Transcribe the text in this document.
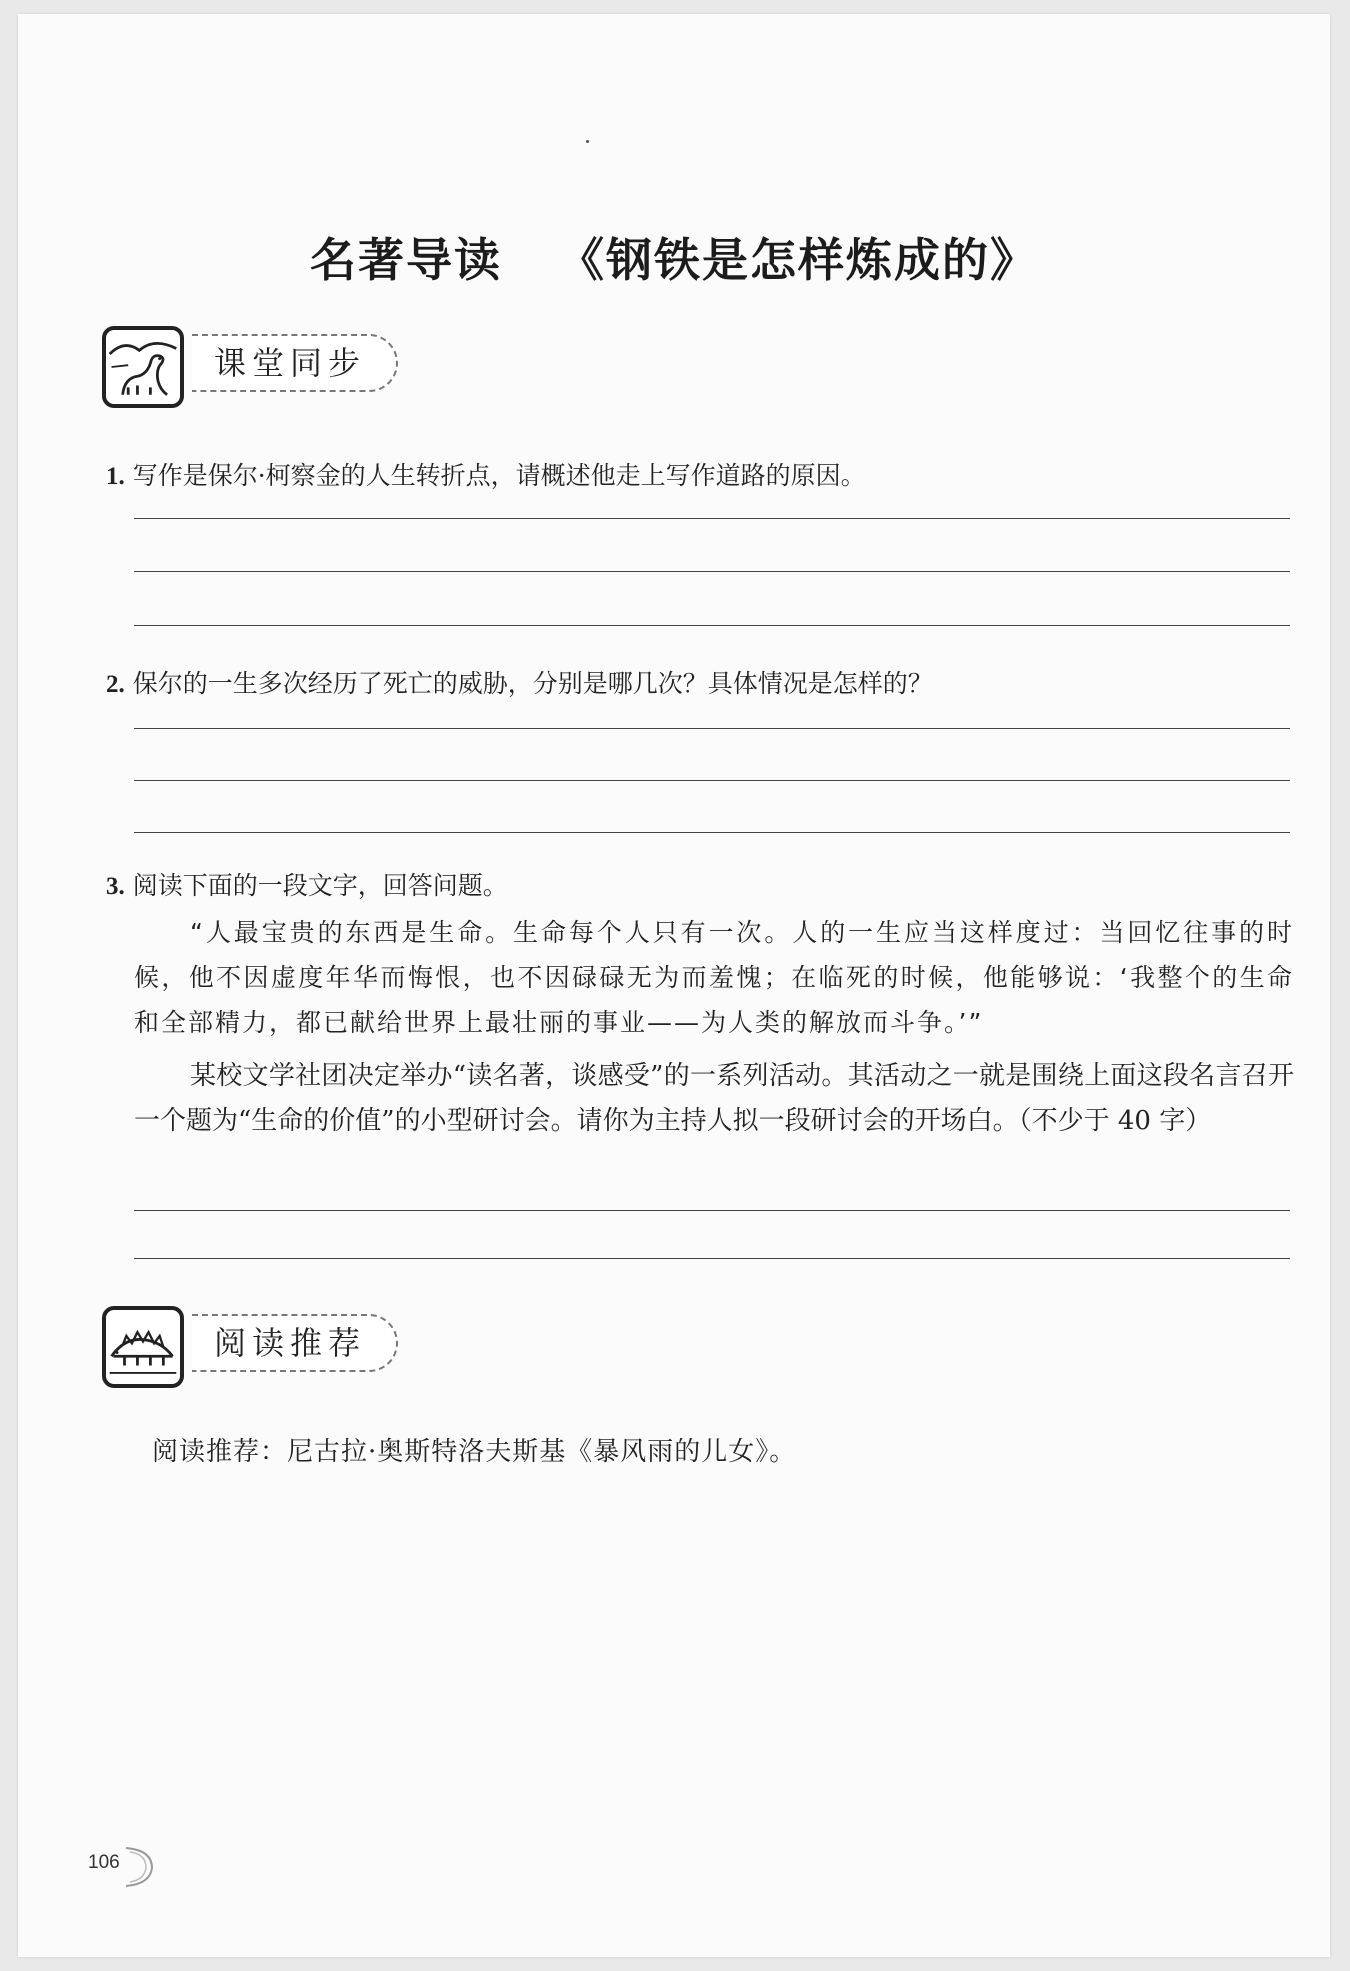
名著导读 《钢铁是怎样炼成的》
课堂同步
1. 写作是保尔·柯察金的人生转折点，请概述他走上写作道路的原因。
2. 保尔的一生多次经历了死亡的威胁，分别是哪几次？具体情况是怎样的？
3. 阅读下面的一段文字，回答问题。
“人最宝贵的东西是生命。生命每个人只有一次。人的一生应当这样度过：当回忆往事的时候，他不因虚度年华而悔恨，也不因碌碌无为而羞愧；在临死的时候，他能够说：‘我整个的生命和全部精力，都已献给世界上最壮丽的事业——为人类的解放而斗争。’”
某校文学社团决定举办“读名著，谈感受”的一系列活动。其活动之一就是围绕上面这段名言召开一个题为“生命的价值”的小型研讨会。请你为主持人拟一段研讨会的开场白。（不少于 40 字）
阅读推荐
阅读推荐：尼古拉·奥斯特洛夫斯基《暴风雨的儿女》。
106
